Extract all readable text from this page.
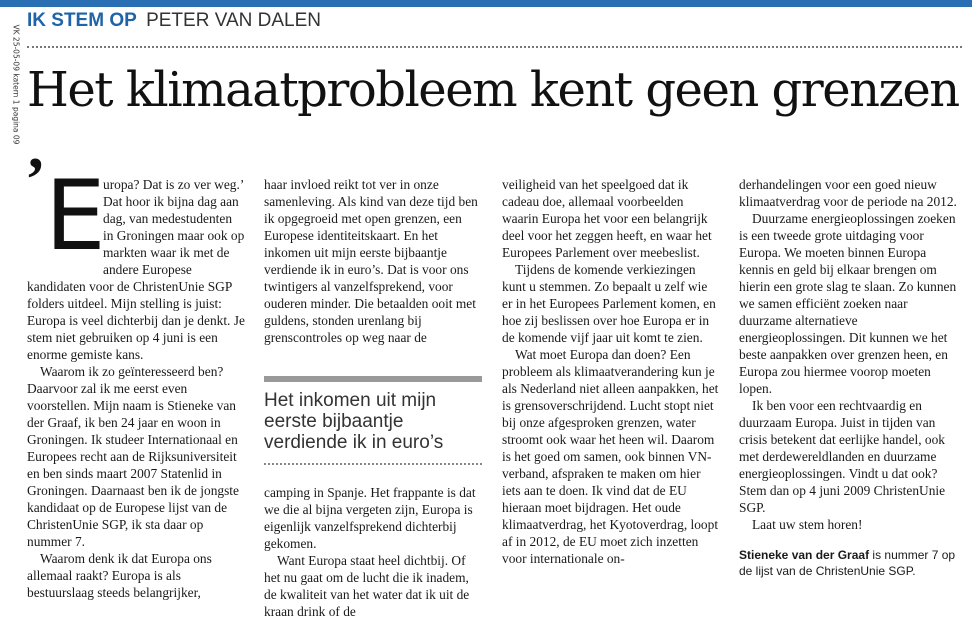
VK 25-05-09 katern 1 pagina 09
IK STEM OP PETER VAN DALEN
Het klimaatprobleem kent geen grenzen
’ E

uropa? Dat is zo ver weg.’ Dat hoor ik bijna dag aan dag, van medestudenten in Groningen maar ook op markten waar ik met de andere Europese kandidaten voor de ChristenUnie SGP folders uitdeel. Mijn stelling is juist: Europa is veel dichterbij dan je denkt. Je stem niet gebruiken op 4 juni is een enorme gemiste kans.

Waarom ik zo geïnteresseerd ben? Daarvoor zal ik me eerst even voorstellen. Mijn naam is Stieneke van der Graaf, ik ben 24 jaar en woon in Groningen. Ik studeer Internationaal en Europees recht aan de Rijksuniversiteit en ben sinds maart 2007 Statenlid in Groningen. Daarnaast ben ik de jongste kandidaat op de Europese lijst van de ChristenUnie SGP, ik sta daar op nummer 7.

Waarom denk ik dat Europa ons allemaal raakt? Europa is als bestuurslaag steeds belangrijker,

haar invloed reikt tot ver in onze samenleving. Als kind van deze tijd ben ik opgegroeid met open grenzen, een Europese identiteitskaart. En het inkomen uit mijn eerste bijbaantje verdiende ik in euro’s. Dat is voor ons twintigers al vanzelfsprekend, voor ouderen minder. Die betaalden ooit met guldens, stonden urenlang bij grenscontroles op weg naar de

Het inkomen uit mijn eerste bijbaantje verdiende ik in euro’s

camping in Spanje. Het frappante is dat we die al bijna vergeten zijn, Europa is eigenlijk vanzelfsprekend dichterbij gekomen.

Want Europa staat heel dichtbij. Of het nu gaat om de lucht die ik inadem, de kwaliteit van het water dat ik uit de kraan drink of de

veiligheid van het speelgoed dat ik cadeau doe, allemaal voorbeelden waarin Europa het voor een belangrijk deel voor het zeggen heeft, en waar het Europees Parlement over meebeslist.

Tijdens de komende verkiezingen kunt u stemmen. Zo bepaalt u zelf wie er in het Europees Parlement komen, en hoe zij beslissen over hoe Europa er in de komende vijf jaar uit komt te zien.

Wat moet Europa dan doen? Een probleem als klimaatverandering kun je als Nederland niet alleen aanpakken, het is grensoverschrijdend. Lucht stopt niet bij onze afgesproken grenzen, water stroomt ook waar het heen wil. Daarom is het goed om samen, ook binnen VN-verband, afspraken te maken om hier iets aan te doen. Ik vind dat de EU hieraan moet bijdragen. Het oude klimaatverdrag, het Kyotoverdrag, loopt af in 2012, de EU moet zich inzetten voor internationale on-

derhandelingen voor een goed nieuw klimaatverdrag voor de periode na 2012.

Duurzame energieoplossingen zoeken is een tweede grote uitdaging voor Europa. We moeten binnen Europa kennis en geld bij elkaar brengen om hierin een grote slag te slaan. Zo kunnen we samen efficiënt zoeken naar duurzame alternatieve energieoplossingen. Dit kunnen we het beste aanpakken over grenzen heen, en Europa zou hiermee voorop moeten lopen.

Ik ben voor een rechtvaardig en duurzaam Europa. Juist in tijden van crisis betekent dat eerlijke handel, ook met derdewereldlanden en duurzame energieoplossingen. Vindt u dat ook? Stem dan op 4 juni 2009 ChristenUnie SGP.

Laat uw stem horen!

Stieneke van der Graaf is nummer 7 op de lijst van de ChristenUnie SGP.
